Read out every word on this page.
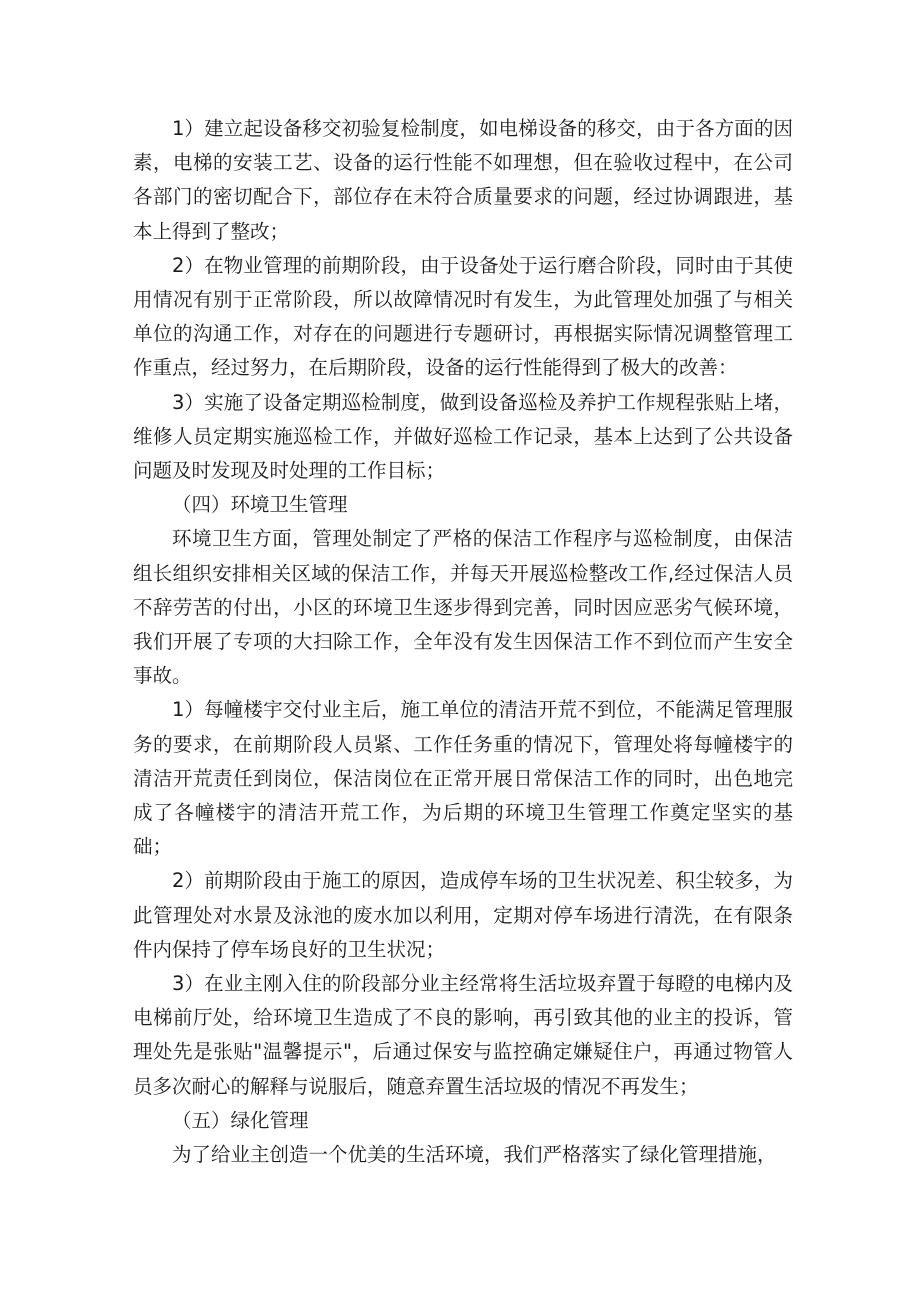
1）建立起设备移交初验复检制度，如电梯设备的移交，由于各方面的因素，电梯的安装工艺、设备的运行性能不如理想，但在验收过程中，在公司各部门的密切配合下，部位存在未符合质量要求的问题，经过协调跟进，基本上得到了整改；

2）在物业管理的前期阶段，由于设备处于运行磨合阶段，同时由于其使用情况有别于正常阶段，所以故障情况时有发生，为此管理处加强了与相关单位的沟通工作，对存在的问题进行专题研讨，再根据实际情况调整管理工作重点，经过努力，在后期阶段，设备的运行性能得到了极大的改善：

3）实施了设备定期巡检制度，做到设备巡检及养护工作规程张贴上堵，维修人员定期实施巡检工作，并做好巡检工作记录，基本上达到了公共设备问题及时发现及时处理的工作目标；

（四）环境卫生管理

环境卫生方面，管理处制定了严格的保洁工作程序与巡检制度，由保洁组长组织安排相关区域的保洁工作，并每天开展巡检整改工作,经过保洁人员不辞劳苦的付出，小区的环境卫生逐步得到完善，同时因应恶劣气候环境，我们开展了专项的大扫除工作，全年没有发生因保洁工作不到位而产生安全事故。

1）每幢楼宇交付业主后，施工单位的清洁开荒不到位，不能满足管理服务的要求，在前期阶段人员紧、工作任务重的情况下，管理处将每幢楼宇的清洁开荒责任到岗位，保洁岗位在正常开展日常保洁工作的同时，出色地完成了各幢楼宇的清洁开荒工作，为后期的环境卫生管理工作奠定坚实的基础；

2）前期阶段由于施工的原因，造成停车场的卫生状况差、积尘较多，为此管理处对水景及泳池的废水加以利用，定期对停车场进行清洗，在有限条件内保持了停车场良好的卫生状况；

3）在业主刚入住的阶段部分业主经常将生活垃圾弃置于每瞪的电梯内及电梯前厅处，给环境卫生造成了不良的影响，再引致其他的业主的投诉，管理处先是张贴"温馨提示"，后通过保安与监控确定嫌疑住户，再通过物管人员多次耐心的解释与说服后，随意弃置生活垃圾的情况不再发生；

（五）绿化管理

为了给业主创造一个优美的生活环境，我们严格落实了绿化管理措施，
